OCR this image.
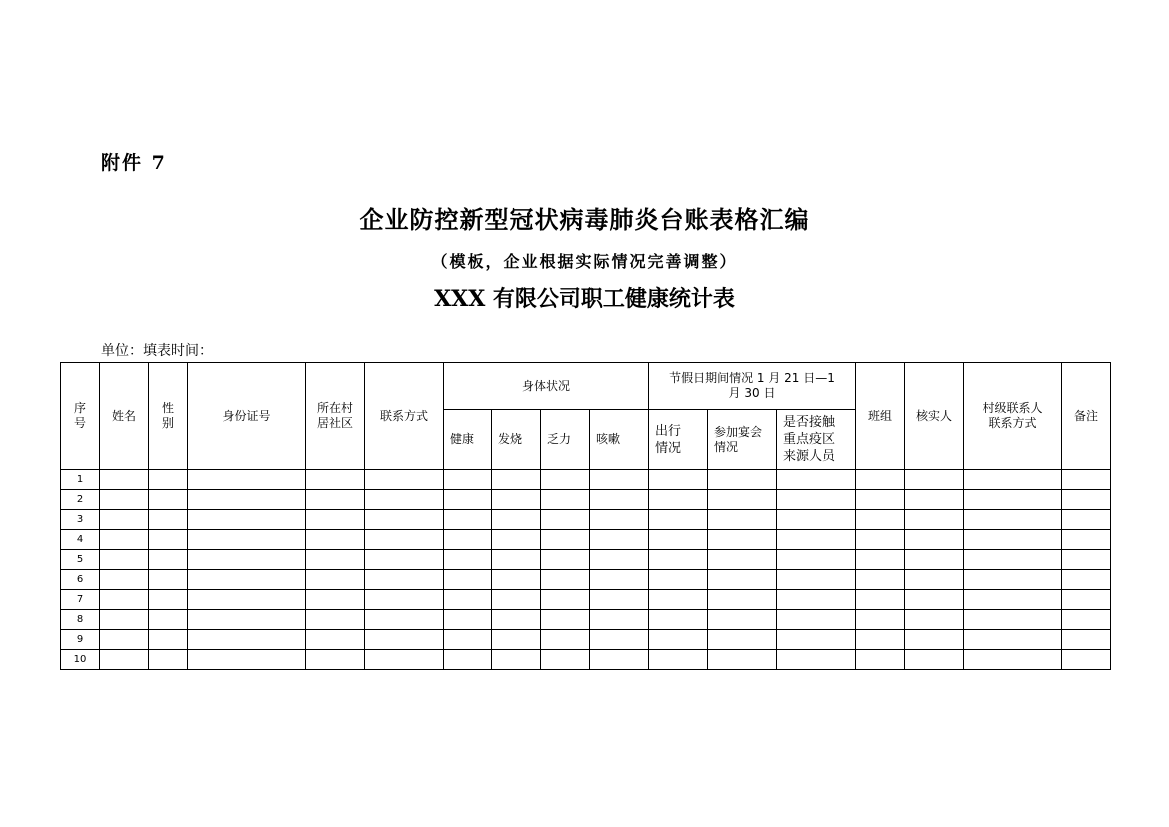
附件 7
企业防控新型冠状病毒肺炎台账表格汇编
（模板，企业根据实际情况完善调整）
XXX 有限公司职工健康统计表
单位：填表时间：
序号	姓名	性别	身份证号	所在村居社区	联系方式	身体状况				节假日期间情况 1 月 21 日—1 月 30 日			班组	核实人	村级联系人联系方式	备注
						健康	发烧	乏力	咳嗽	出行情况	参加宴会情况	是否接触重点疫区来源人员				
1																
2																
3																
4																
5																
6																
7																
8																
9																
10																
